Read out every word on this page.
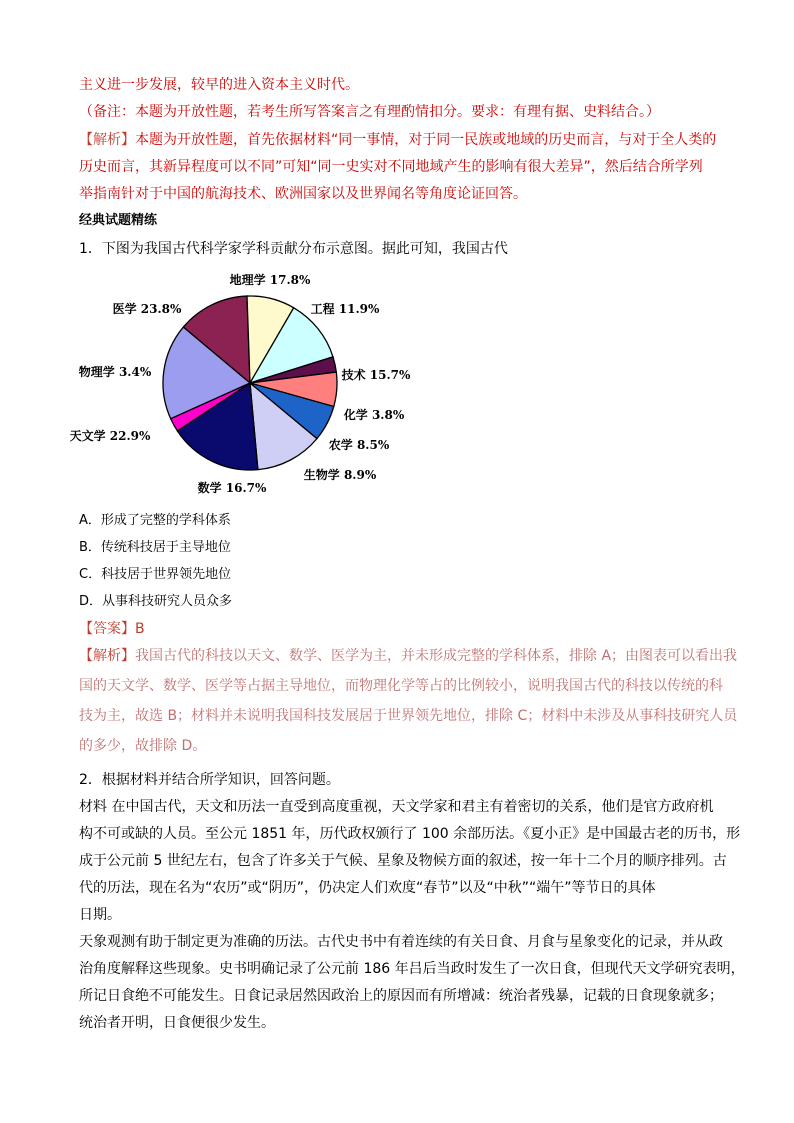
主义进一步发展，较早的进入资本主义时代。
（备注：本题为开放性题，若考生所写答案言之有理酌情扣分。要求：有理有据、史料结合。）
【解析】本题为开放性题，首先依据材料“同一事情，对于同一民族或地域的历史而言，与对于全人类的
历史而言，其新异程度可以不同”可知“同一史实对不同地域产生的影响有很大差异”，然后结合所学列
举指南针对于中国的航海技术、欧洲国家以及世界闻名等角度论证回答。
经典试题精练
1．下图为我国古代科学家学科贡献分布示意图。据此可知，我国古代
地理学 17.8%
工程 11.9%
技术 15.7%
化学 3.8%
农学 8.5%
生物学 8.9%
数学 16.7%
天文学 22.9%
物理学 3.4%
医学 23.8%
A．形成了完整的学科体系
B．传统科技居于主导地位
C．科技居于世界领先地位
D．从事科技研究人员众多
【答案】B
【解析】我国古代的科技以天文、数学、医学为主，并未形成完整的学科体系，排除 A；由图表可以看出我
国的天文学、数学、医学等占据主导地位，而物理化学等占的比例较小，说明我国古代的科技以传统的科
技为主，故选 B；材料并未说明我国科技发展居于世界领先地位，排除 C；材料中未涉及从事科技研究人员
的多少，故排除 D。
2．根据材料并结合所学知识，回答问题。
材料 在中国古代，天文和历法一直受到高度重视，天文学家和君主有着密切的关系，他们是官方政府机
构不可或缺的人员。至公元 1851 年，历代政权颁行了 100 余部历法。《夏小正》是中国最古老的历书，形
成于公元前 5 世纪左右，包含了许多关于气候、星象及物候方面的叙述，按一年十二个月的顺序排列。古
代的历法，现在名为“农历”或“阴历”，仍决定人们欢度“春节”以及“中秋”“端午”等节日的具体
日期。
天象观测有助于制定更为准确的历法。古代史书中有着连续的有关日食、月食与星象变化的记录，并从政
治角度解释这些现象。史书明确记录了公元前 186 年吕后当政时发生了一次日食，但现代天文学研究表明，
所记日食绝不可能发生。日食记录居然因政治上的原因而有所增减：统治者残暴，记载的日食现象就多；
统治者开明，日食便很少发生。
